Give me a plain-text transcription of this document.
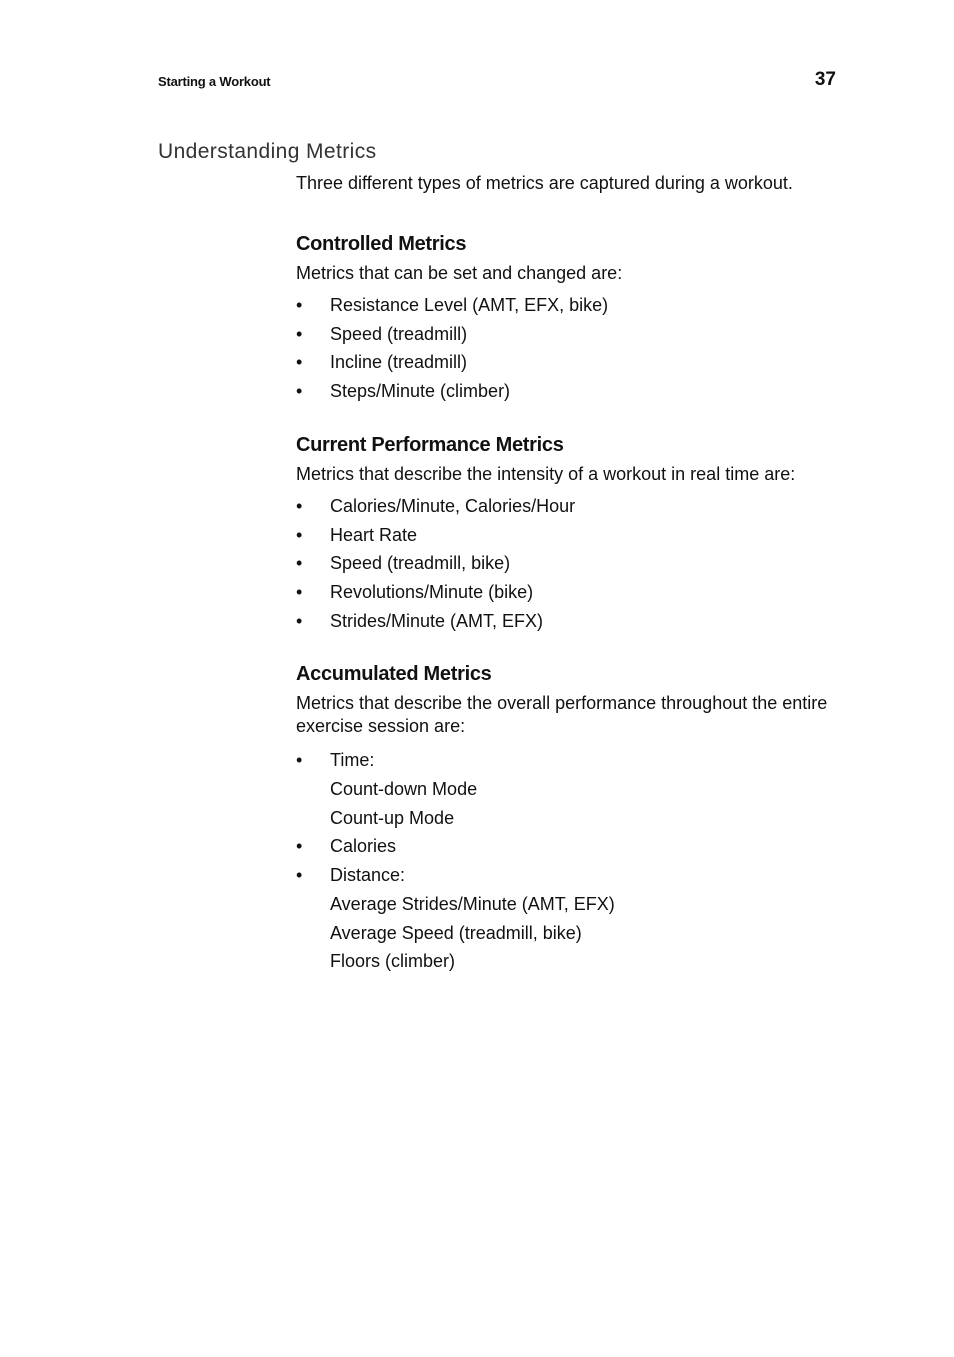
Starting a Workout	37
Understanding Metrics

Three different types of metrics are captured during a workout.

Controlled Metrics

Metrics that can be set and changed are:

• Resistance Level (AMT, EFX, bike)
• Speed (treadmill)
• Incline (treadmill)
• Steps/Minute (climber)
Current Performance Metrics

Metrics that describe the intensity of a workout in real time are:

• Calories/Minute, Calories/Hour
• Heart Rate
• Speed (treadmill, bike)
• Revolutions/Minute (bike)
• Strides/Minute (AMT, EFX)
Accumulated Metrics

Metrics that describe the overall performance throughout the entire exercise session are:

• Time:
Count-down Mode
Count-up Mode
• Calories
• Distance:
Average Strides/Minute (AMT, EFX)
Average Speed (treadmill, bike)
Floors (climber)
